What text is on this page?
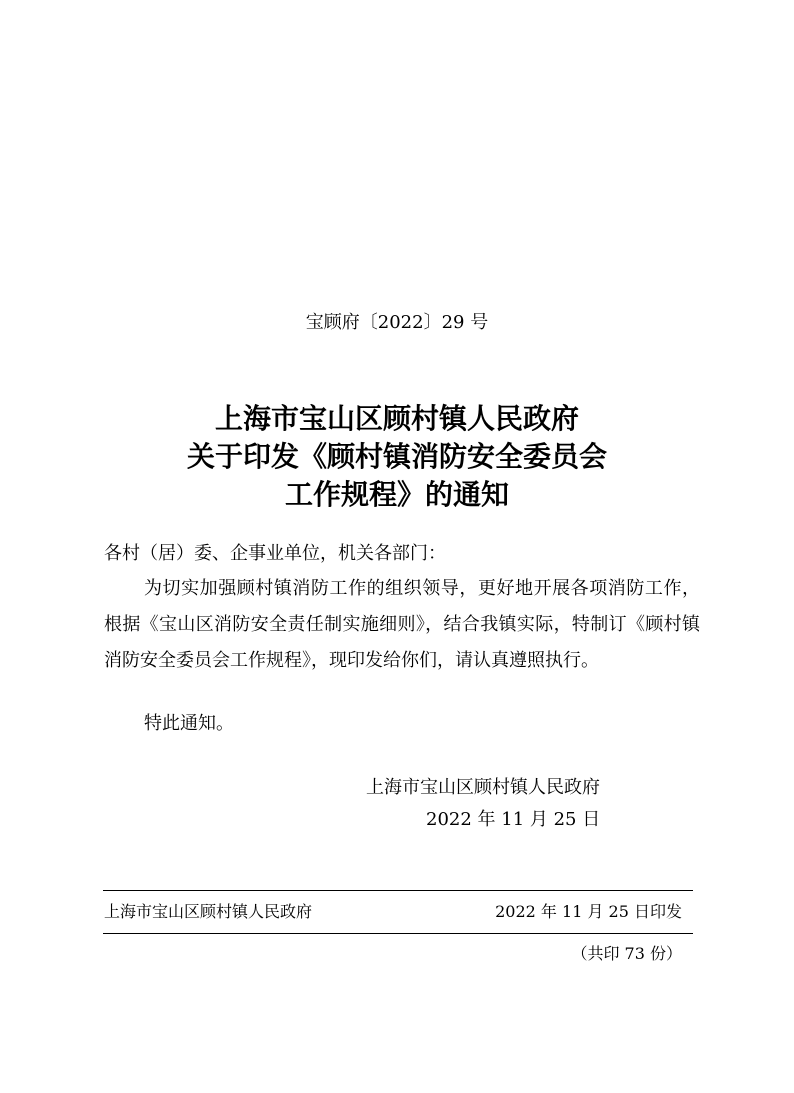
宝顾府〔2022〕29 号
上海市宝山区顾村镇人民政府
关于印发《顾村镇消防安全委员会
工作规程》的通知
各村（居）委、企事业单位，机关各部门：
为切实加强顾村镇消防工作的组织领导，更好地开展各项消防工作，根据《宝山区消防安全责任制实施细则》，结合我镇实际，特制订《顾村镇消防安全委员会工作规程》，现印发给你们，请认真遵照执行。
特此通知。
上海市宝山区顾村镇人民政府
2022 年 11 月 25 日
上海市宝山区顾村镇人民政府	2022 年 11 月 25 日印发
（共印 73 份）
